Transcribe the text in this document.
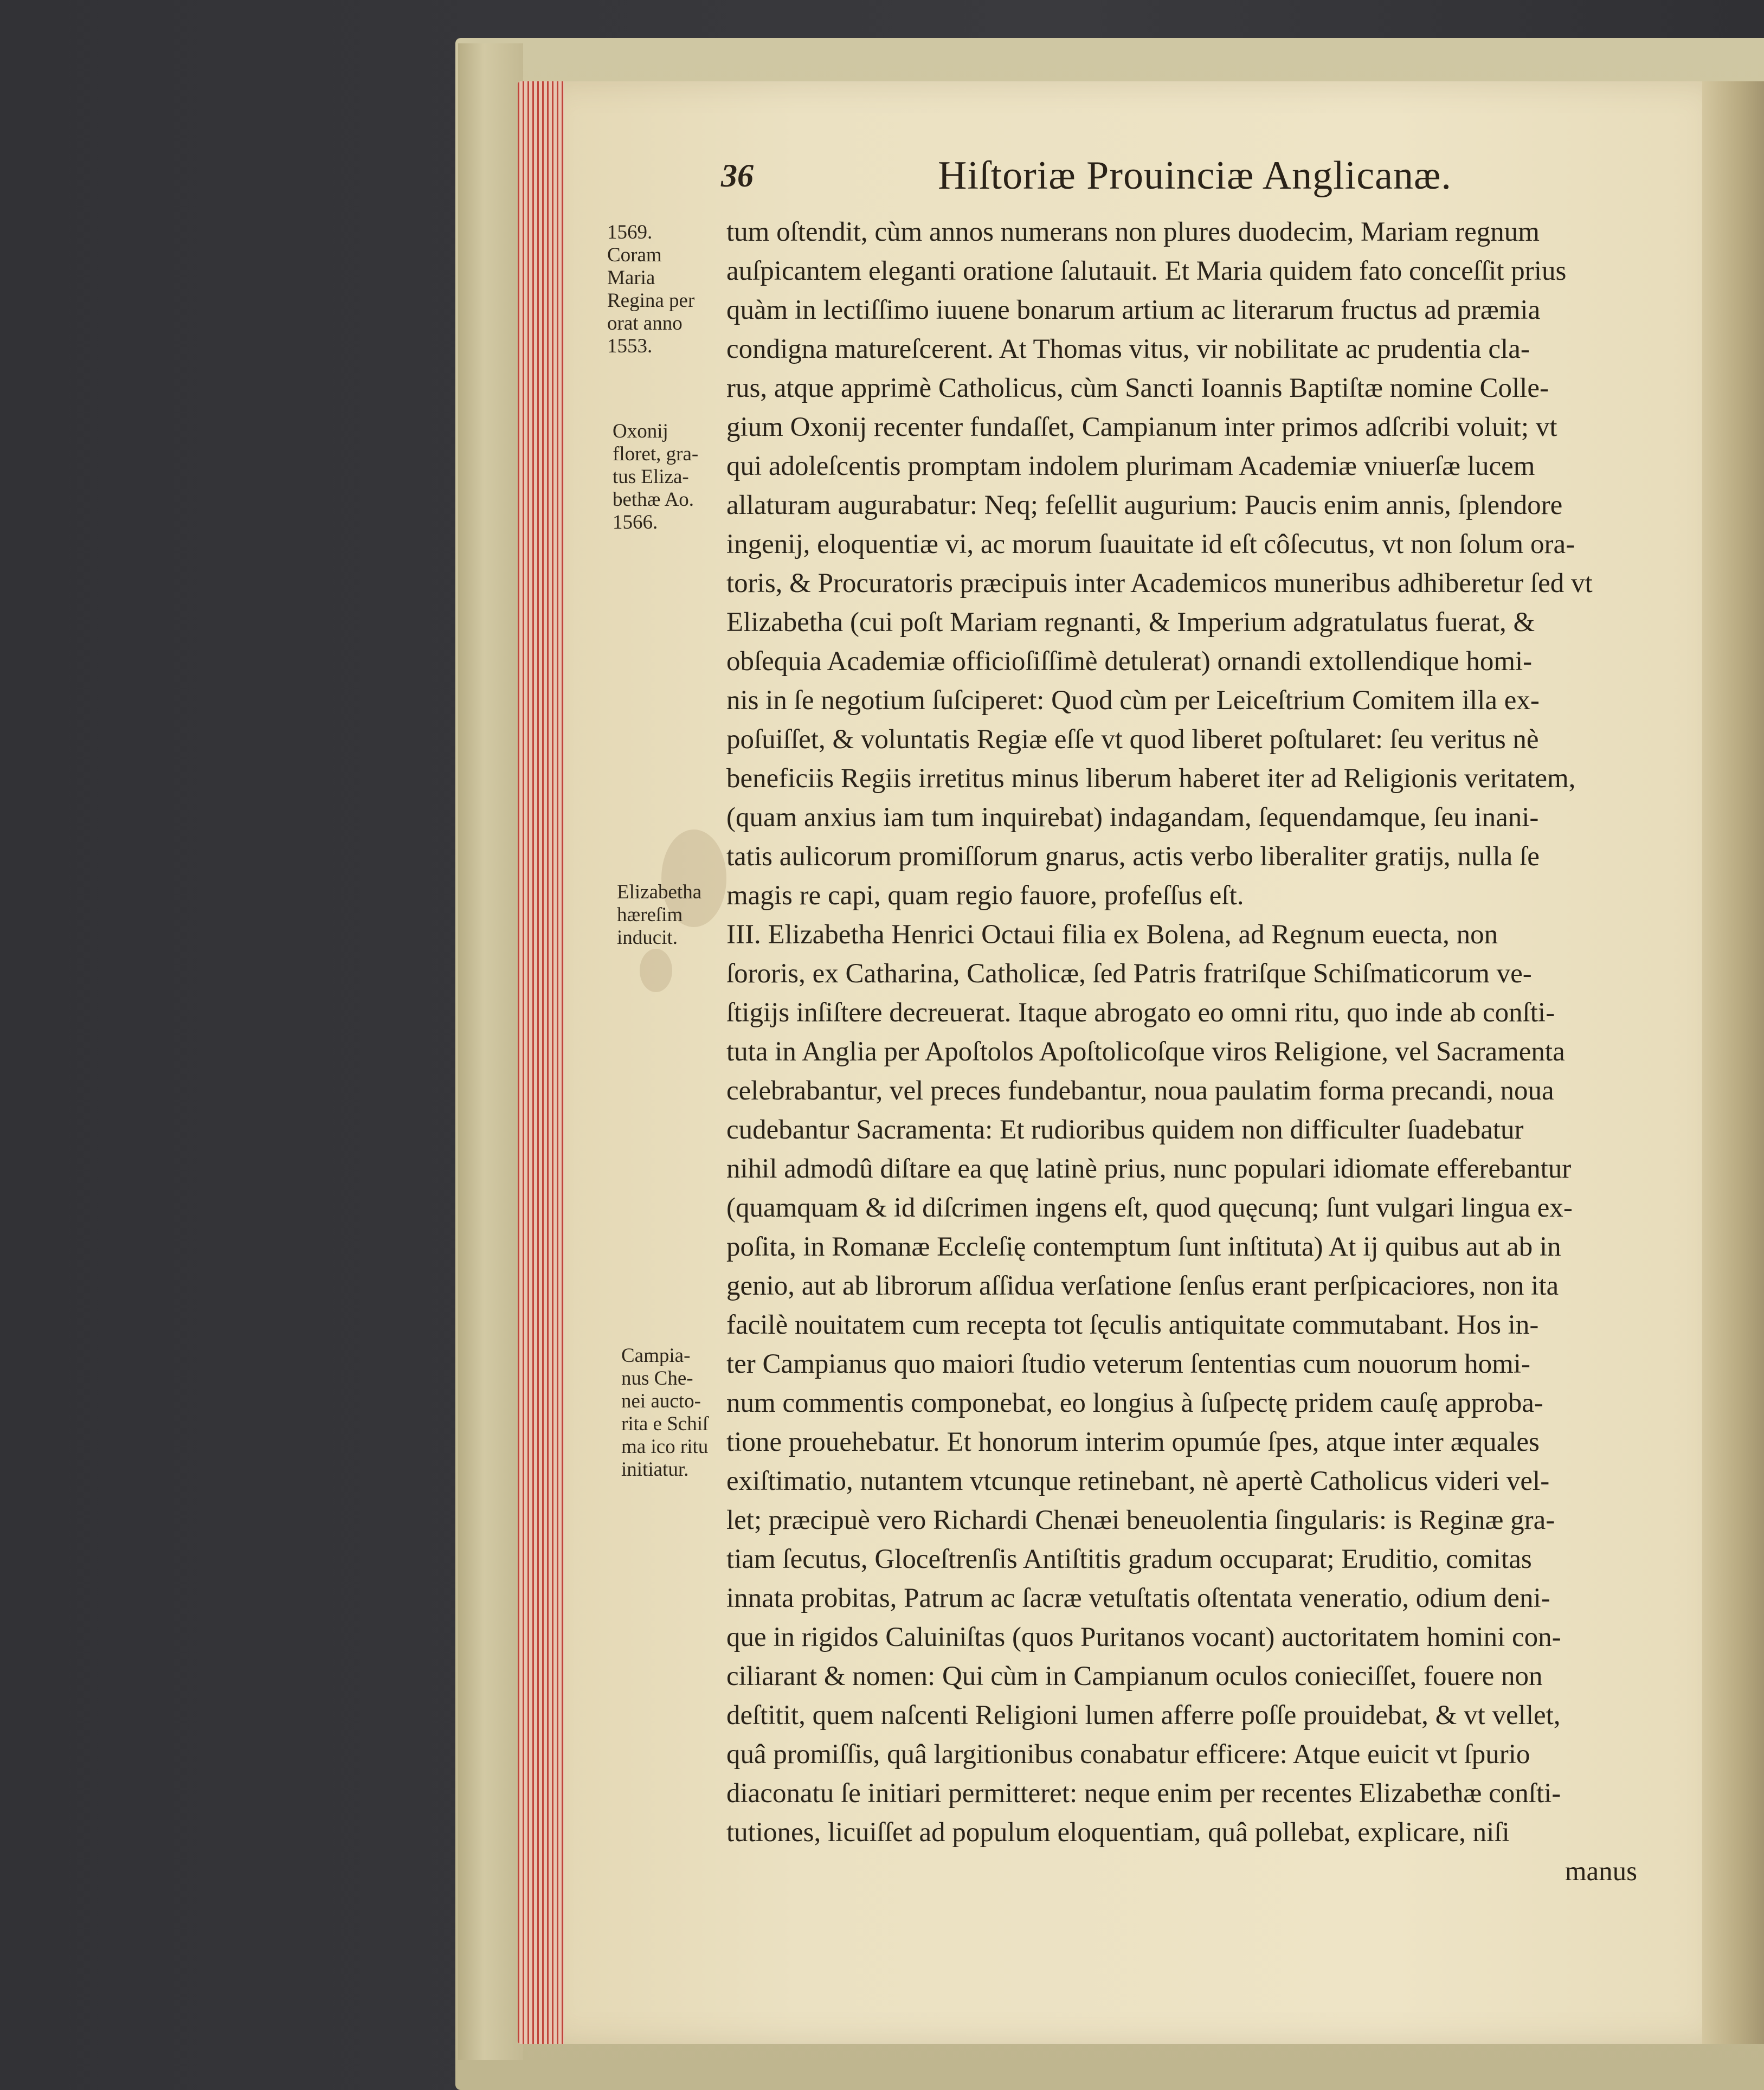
36	Hiſtoriæ Prouinciæ Anglicanæ.
1569.
Coram
Maria
Regina per
orat anno
1553.
Oxonij
floret, gra-
tus Eliza-
bethæ Ao.
1566.
Elizabetha
hæreſim
inducit.
Campia-
nus Che-
nei aucto-
rita e Schiſ
ma ico ritu
initiatur.
tum oſtendit, cùm annos numerans non plures duodecim, Mariam regnum
auſpicantem eleganti oratione ſalutauit. Et Maria quidem fato conceſſit prius
quàm in lectiſſimo iuuene bonarum artium ac literarum fructus ad præmia
condigna matureſcerent. At Thomas vitus, vir nobilitate ac prudentia cla-
rus, atque apprimè Catholicus, cùm Sancti Ioannis Baptiſtæ nomine Colle-
gium Oxonij recenter fundaſſet, Campianum inter primos adſcribi voluit; vt
qui adoleſcentis promptam indolem plurimam Academiæ vniuerſæ lucem
allaturam augurabatur: Neq; feſellit augurium: Paucis enim annis, ſplendore
ingenij, eloquentiæ vi, ac morum ſuauitate id eſt côſecutus, vt non ſolum ora-
toris, & Procuratoris præcipuis inter Academicos muneribus adhiberetur ſed vt
Elizabetha (cui poſt Mariam regnanti, & Imperium adgratulatus fuerat, &
obſequia Academiæ officioſiſſimè detulerat) ornandi extollendique homi-
nis in ſe negotium ſuſciperet: Quod cùm per Leiceſtrium Comitem illa ex-
poſuiſſet, & voluntatis Regiæ eſſe vt quod liberet poſtularet: ſeu veritus nè
beneficiis Regiis irretitus minus liberum haberet iter ad Religionis veritatem,
(quam anxius iam tum inquirebat) indagandam, ſequendamque, ſeu inani-
tatis aulicorum promiſſorum gnarus, actis verbo liberaliter gratijs, nulla ſe
magis re capi, quam regio fauore, profeſſus eſt.
III. Elizabetha Henrici Octaui filia ex Bolena, ad Regnum euecta, non
ſororis, ex Catharina, Catholicæ, ſed Patris fratriſque Schiſmaticorum ve-
ſtigijs inſiſtere decreuerat. Itaque abrogato eo omni ritu, quo inde ab conſti-
tuta in Anglia per Apoſtolos Apoſtolicoſque viros Religione, vel Sacramenta
celebrabantur, vel preces fundebantur, noua paulatim forma precandi, noua
cudebantur Sacramenta: Et rudioribus quidem non difficulter ſuadebatur
nihil admodû diſtare ea quę latinè prius, nunc populari idiomate efferebantur
(quamquam & id diſcrimen ingens eſt, quod quęcunq; ſunt vulgari lingua ex-
poſita, in Romanæ Eccleſię contemptum ſunt inſtituta) At ij quibus aut ab in
genio, aut ab librorum aſſidua verſatione ſenſus erant perſpicaciores, non ita
facilè nouitatem cum recepta tot ſęculis antiquitate commutabant. Hos in-
ter Campianus quo maiori ſtudio veterum ſententias cum nouorum homi-
num commentis componebat, eo longius à ſuſpectę pridem cauſę approba-
tione prouehebatur. Et honorum interim opumúe ſpes, atque inter æquales
exiſtimatio, nutantem vtcunque retinebant, nè apertè Catholicus videri vel-
let; præcipuè vero Richardi Chenæi beneuolentia ſingularis: is Reginæ gra-
tiam ſecutus, Gloceſtrenſis Antiſtitis gradum occuparat; Eruditio, comitas
innata probitas, Patrum ac ſacræ vetuſtatis oſtentata veneratio, odium deni-
que in rigidos Caluiniſtas (quos Puritanos vocant) auctoritatem homini con-
ciliarant & nomen: Qui cùm in Campianum oculos conieciſſet, fouere non
deſtitit, quem naſcenti Religioni lumen afferre poſſe prouidebat, & vt vellet,
quâ promiſſis, quâ largitionibus conabatur efficere: Atque euicit vt ſpurio
diaconatu ſe initiari permitteret: neque enim per recentes Elizabethæ conſti-
tutiones, licuiſſet ad populum eloquentiam, quâ pollebat, explicare, niſi
manus
